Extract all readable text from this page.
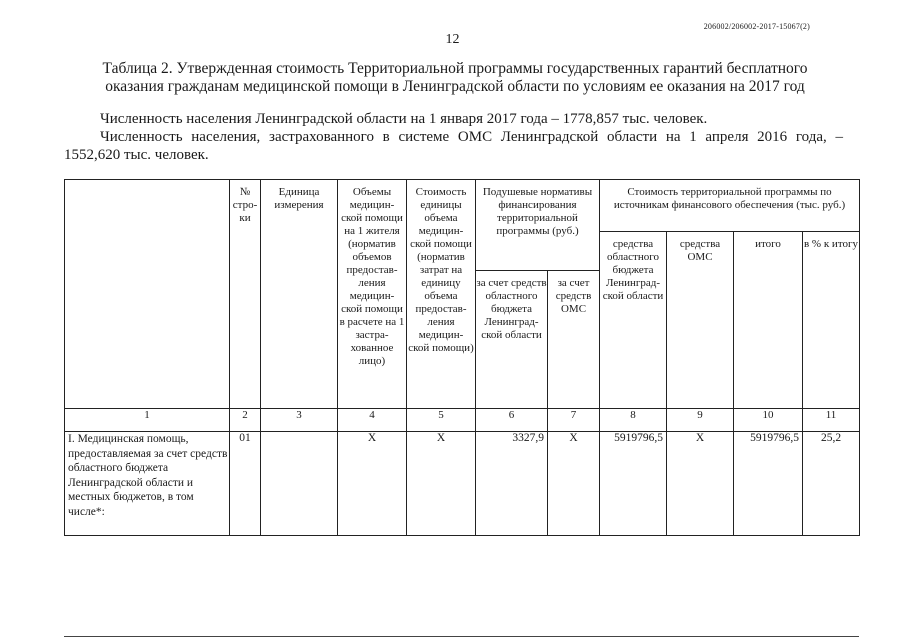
206002/206002-2017-15067(2)
12
Таблица 2. Утвержденная стоимость Территориальной программы государственных гарантий бесплатного оказания гражданам медицинской помощи в Ленинградской области по условиям ее оказания на 2017 год
Численность населения Ленинградской области на 1 января 2017 года – 1778,857 тыс. человек.
Численность населения, застрахованного в системе ОМС Ленинградской области на 1 апреля 2016 года, –
1552,620 тыс. человек.
	№ стро- ки	Единица измерения	Объемы медицин- ской помощи на 1 жителя (норматив объемов предостав- ления медицин- ской помощи в расчете на 1 застра- хованное лицо)	Стоимость единицы объема медицин- ской помощи (норматив затрат на единицу объема предостав- ления медицин- ской помощи)	Подушевые нормативы финансирования территориальной программы (руб.)		Стоимость территориальной программы по источникам финансового обеспечения (тыс. руб.)			
							средства областного бюджета Ленинград- ской области	средства ОМС	итого	в % к итогу
					за счет средств областного бюджета Ленинград- ской области	за счет средств ОМС				
1	2	3	4	5	6	7	8	9	10	11
I. Медицинская помощь, предоставляемая за счет средств областного бюджета Ленинградской области и местных бюджетов, в том числе*:	01		Х	Х	3327,9	Х	5919796,5	Х	5919796,5	25,2
